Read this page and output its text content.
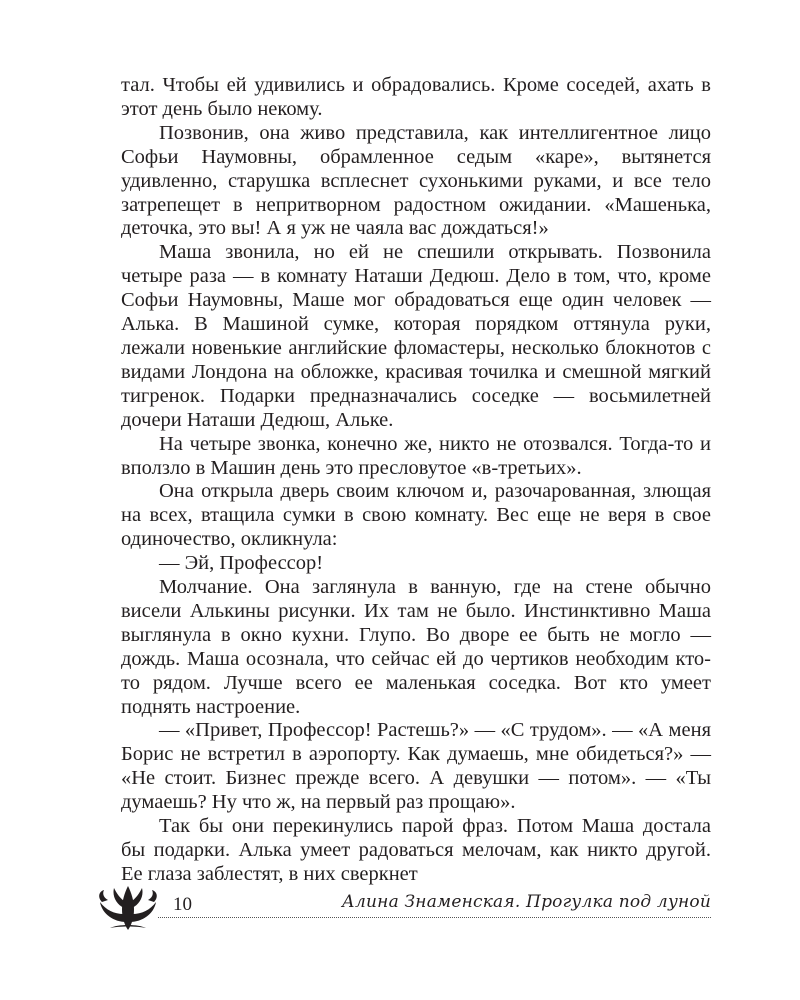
тал. Чтобы ей удивились и обрадовались. Кроме соседей, ахать в этот день было некому.

Позвонив, она живо представила, как интеллигентное лицо Софьи Наумовны, обрамленное седым «каре», вытянется удивленно, старушка всплеснет сухонькими руками, и все тело затрепещет в непритворном радостном ожидании. «Машенька, деточка, это вы! А я уж не чаяла вас дождаться!»

Маша звонила, но ей не спешили открывать. Позвонила четыре раза — в комнату Наташи Дедюш. Дело в том, что, кроме Софьи Наумовны, Маше мог обрадоваться еще один человек — Алька. В Машиной сумке, которая порядком оттянула руки, лежали новенькие английские фломастеры, несколько блокнотов с видами Лондона на обложке, красивая точилка и смешной мягкий тигренок. Подарки предназначались соседке — восьмилетней дочери Наташи Дедюш, Альке.

На четыре звонка, конечно же, никто не отозвался. Тогда-то и вползло в Машин день это пресловутое «в-третьих».

Она открыла дверь своим ключом и, разочарованная, злющая на всех, втащила сумки в свою комнату. Вес еще не веря в свое одиночество, окликнула:

— Эй, Профессор!

Молчание. Она заглянула в ванную, где на стене обычно висели Алькины рисунки. Их там не было. Инстинктивно Маша выглянула в окно кухни. Глупо. Во дворе ее быть не могло — дождь. Маша осознала, что сейчас ей до чертиков необходим кто-то рядом. Лучше всего ее маленькая соседка. Вот кто умеет поднять настроение.

— «Привет, Профессор! Растешь?» — «С трудом». — «А меня Борис не встретил в аэропорту. Как думаешь, мне обидеться?» — «Не стоит. Бизнес прежде всего. А девушки — потом». — «Ты думаешь? Ну что ж, на первый раз прощаю».

Так бы они перекинулись парой фраз. Потом Маша достала бы подарки. Алька умеет радоваться мелочам, как никто другой. Ее глаза заблестят, в них сверкнет

10	Алина Знаменская. Прогулка под луной
